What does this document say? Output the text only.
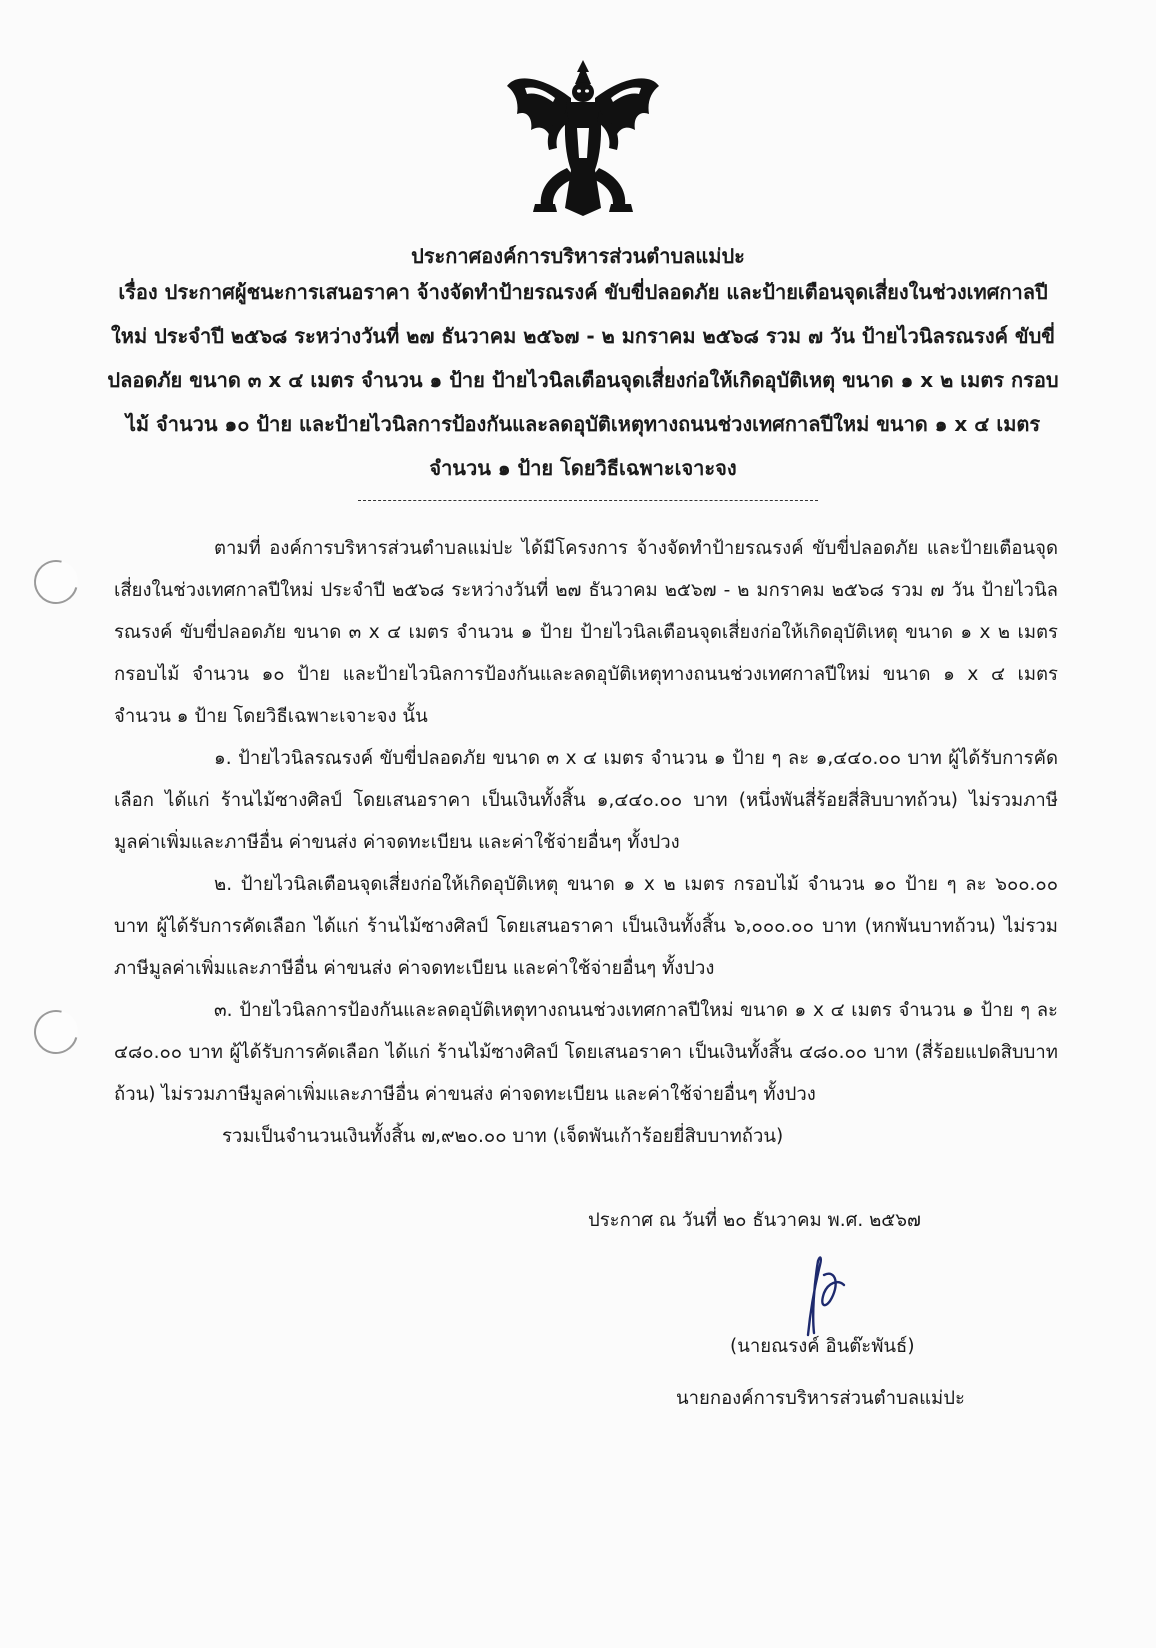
ประกาศองค์การบริหารส่วนตำบลแม่ปะ
เรื่อง ประกาศผู้ชนะการเสนอราคา จ้างจัดทำป้ายรณรงค์ ขับขี่ปลอดภัย และป้ายเตือนจุดเสี่ยงในช่วงเทศกาลปีใหม่ ประจำปี ๒๕๖๘ ระหว่างวันที่ ๒๗ ธันวาคม ๒๕๖๗ - ๒ มกราคม ๒๕๖๘ รวม ๗ วัน ป้ายไวนิลรณรงค์ ขับขี่ปลอดภัย ขนาด ๓ x ๔ เมตร จำนวน ๑ ป้าย ป้ายไวนิลเตือนจุดเสี่ยงก่อให้เกิดอุบัติเหตุ ขนาด ๑ x ๒ เมตร กรอบไม้ จำนวน ๑๐ ป้าย และป้ายไวนิลการป้องกันและลดอุบัติเหตุทางถนนช่วงเทศกาลปีใหม่ ขนาด ๑ x ๔ เมตร จำนวน ๑ ป้าย โดยวิธีเฉพาะเจาะจง

ตามที่ องค์การบริหารส่วนตำบลแม่ปะ ได้มีโครงการ จ้างจัดทำป้ายรณรงค์ ขับขี่ปลอดภัย และป้ายเตือนจุดเสี่ยงในช่วงเทศกาลปีใหม่ ประจำปี ๒๕๖๘ ระหว่างวันที่ ๒๗ ธันวาคม ๒๕๖๗ - ๒ มกราคม ๒๕๖๘ รวม ๗ วัน ป้ายไวนิลรณรงค์ ขับขี่ปลอดภัย ขนาด ๓ x ๔ เมตร จำนวน ๑ ป้าย ป้ายไวนิลเตือนจุดเสี่ยงก่อให้เกิดอุบัติเหตุ ขนาด ๑ x ๒ เมตร กรอบไม้ จำนวน ๑๐ ป้าย และป้ายไวนิลการป้องกันและลดอุบัติเหตุทางถนนช่วงเทศกาลปีใหม่ ขนาด ๑ x ๔ เมตร จำนวน ๑ ป้าย โดยวิธีเฉพาะเจาะจง นั้น

๑. ป้ายไวนิลรณรงค์ ขับขี่ปลอดภัย ขนาด ๓ x ๔ เมตร จำนวน ๑ ป้าย ๆ ละ ๑,๔๔๐.๐๐ บาท ผู้ได้รับการคัดเลือก ได้แก่ ร้านไม้ซางศิลป์ โดยเสนอราคา เป็นเงินทั้งสิ้น ๑,๔๔๐.๐๐ บาท (หนึ่งพันสี่ร้อยสี่สิบบาทถ้วน) ไม่รวมภาษีมูลค่าเพิ่มและภาษีอื่น ค่าขนส่ง ค่าจดทะเบียน และค่าใช้จ่ายอื่นๆ ทั้งปวง

๒. ป้ายไวนิลเตือนจุดเสี่ยงก่อให้เกิดอุบัติเหตุ ขนาด ๑ x ๒ เมตร กรอบไม้ จำนวน ๑๐ ป้าย ๆ ละ ๖๐๐.๐๐ บาท ผู้ได้รับการคัดเลือก ได้แก่ ร้านไม้ซางศิลป์ โดยเสนอราคา เป็นเงินทั้งสิ้น ๖,๐๐๐.๐๐ บาท (หกพันบาทถ้วน) ไม่รวมภาษีมูลค่าเพิ่มและภาษีอื่น ค่าขนส่ง ค่าจดทะเบียน และค่าใช้จ่ายอื่นๆ ทั้งปวง

๓. ป้ายไวนิลการป้องกันและลดอุบัติเหตุทางถนนช่วงเทศกาลปีใหม่ ขนาด ๑ x ๔ เมตร จำนวน ๑ ป้าย ๆ ละ ๔๘๐.๐๐ บาท ผู้ได้รับการคัดเลือก ได้แก่ ร้านไม้ซางศิลป์ โดยเสนอราคา เป็นเงินทั้งสิ้น ๔๘๐.๐๐ บาท (สี่ร้อยแปดสิบบาทถ้วน) ไม่รวมภาษีมูลค่าเพิ่มและภาษีอื่น ค่าขนส่ง ค่าจดทะเบียน และค่าใช้จ่ายอื่นๆ ทั้งปวง

รวมเป็นจำนวนเงินทั้งสิ้น ๗,๙๒๐.๐๐ บาท (เจ็ดพันเก้าร้อยยี่สิบบาทถ้วน)

ประกาศ ณ วันที่ ๒๐ ธันวาคม พ.ศ. ๒๕๖๗
(นายณรงค์ อินต๊ะพันธ์)
นายกองค์การบริหารส่วนตำบลแม่ปะ
